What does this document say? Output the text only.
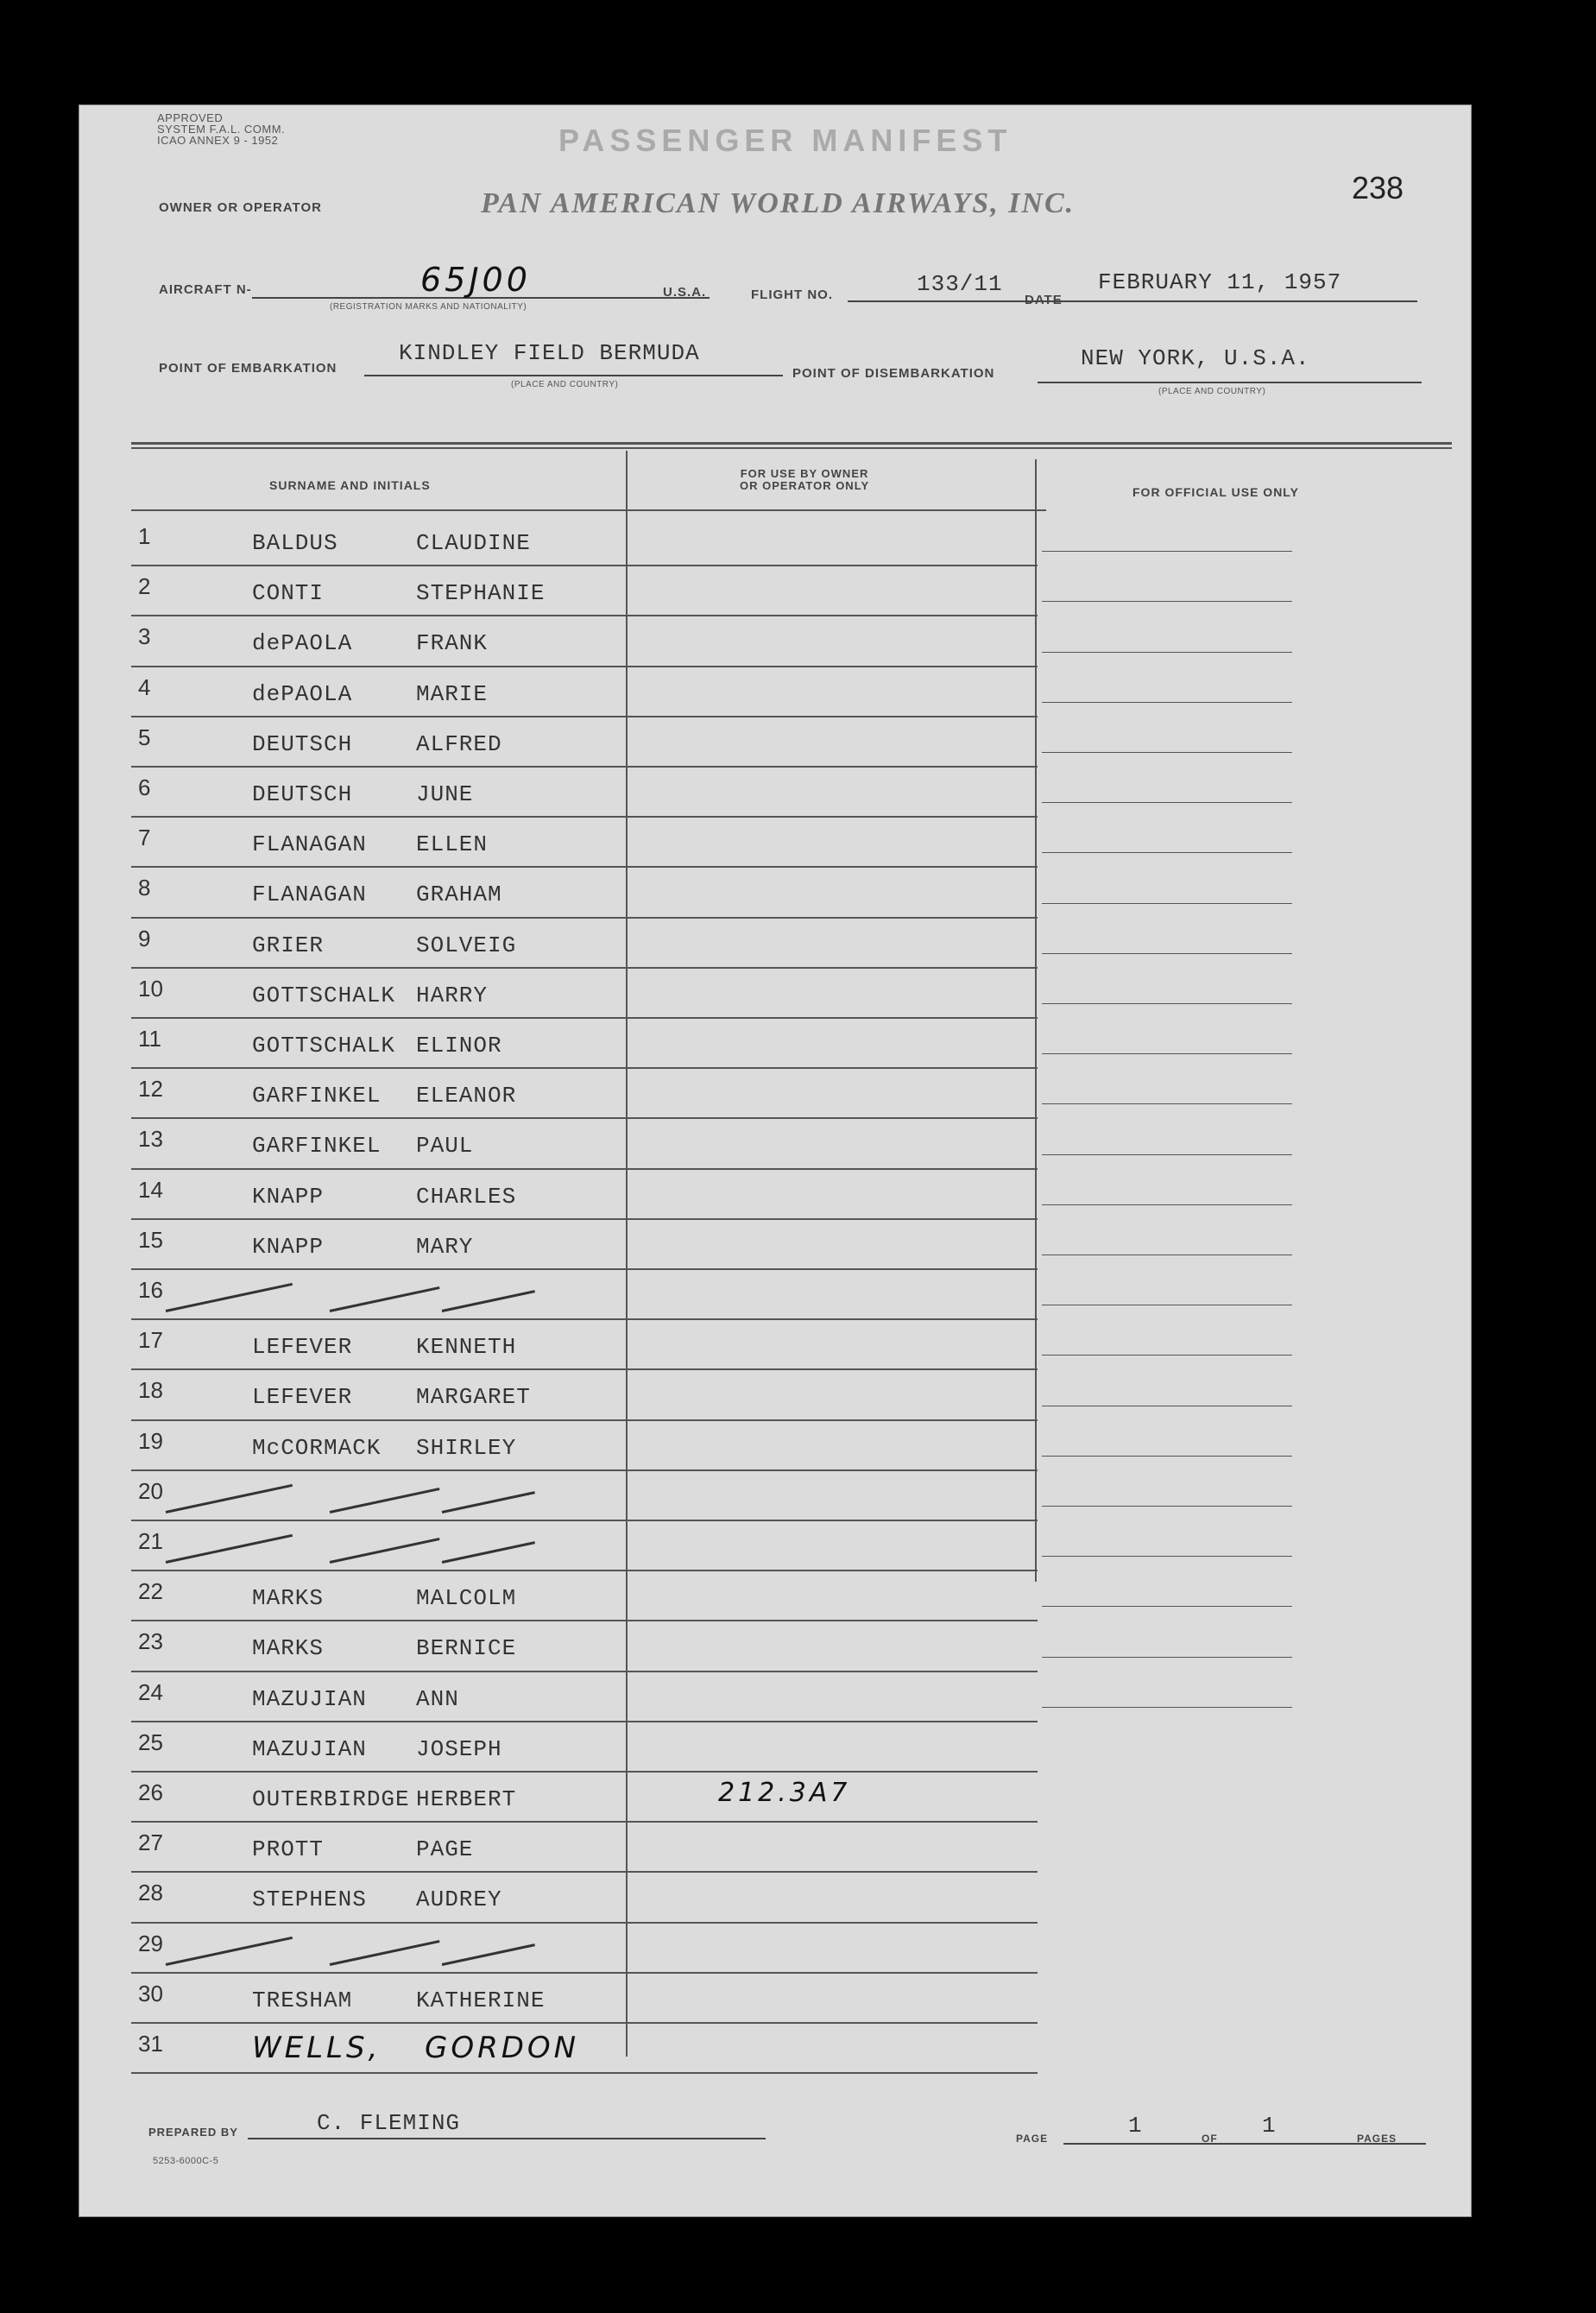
APPROVED
SYSTEM F.A.L. COMM.
ICAO ANNEX 9 - 1952	PASSENGER MANIFEST
OWNER OR OPERATOR	PAN AMERICAN WORLD AIRWAYS, INC.	238
AIRCRAFT N-	65J00
(REGISTRATION MARKS AND NATIONALITY)
U.S.A.	FLIGHT NO.	133/11
DATE
FEBRUARY 11, 1957
POINT OF EMBARKATION
KINDLEY FIELD BERMUDA
(PLACE AND COUNTRY)
POINT OF DISEMBARKATION
NEW YORK, U.S.A.
(PLACE AND COUNTRY)
SURNAME AND INITIALS
FOR USE BY OWNER
OR OPERATOR ONLY	FOR OFFICIAL USE ONLY
1	BALDUS	CLAUDINE
2	CONTI	STEPHANIE
3	dePAOLA	FRANK
4	dePAOLA	MARIE
5	DEUTSCH	ALFRED
6	DEUTSCH	JUNE
7	FLANAGAN ELLEN
8	FLANAGAN GRAHAM
9	GRIER	SOLVEIG
10	GOTTSCHALK HARRY
11	GOTTSCHALK ELINOR
12	GARFINKEL ELEANOR
13	GARFINKEL PAUL
14	KNAPP	CHARLES
15	KNAPP	MARY
16
17	LEFEVER	KENNETH
18	LEFEVER	MARGARET
19	McCORMACK SHIRLEY
20
21
22	MARKS	MALCOLM
23	MARKS	BERNICE
24	MAZUJIAN ANN
25	MAZUJIAN JOSEPH
26	OUTERBIRDGE HERBERT	212.3A7
27	PROTT	PAGE
28	STEPHENS AUDREY
29
30	TRESHAM	KATHERINE
31	WELLS, GORDON
PREPARED BY	C. FLEMING
5253-6000C-5
PAGE	1	OF 1	PAGES
